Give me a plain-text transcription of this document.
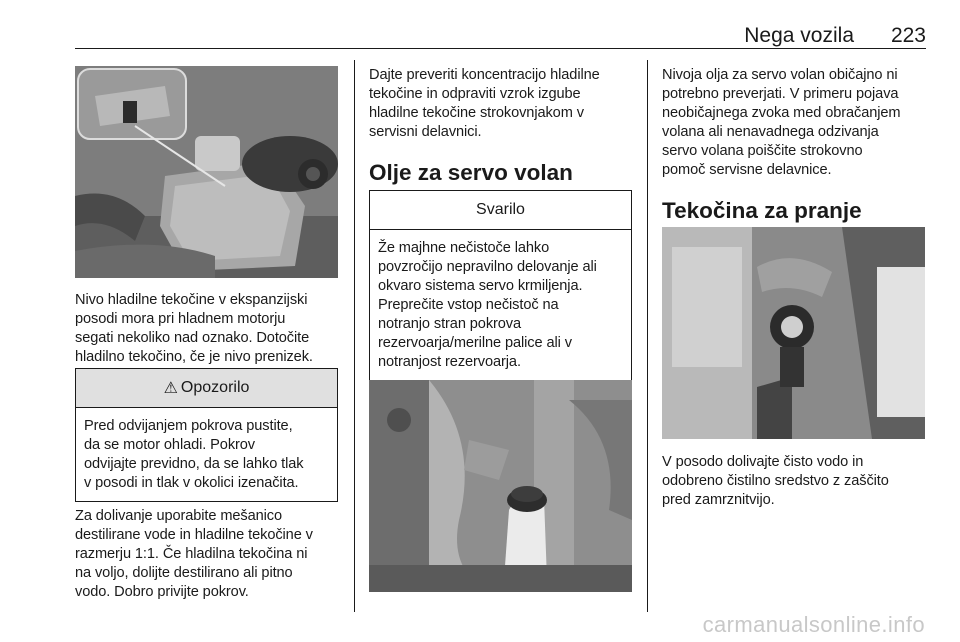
Nega vozila 223

Nivo hladilne tekočine v ekspanzijski
posodi mora pri hladnem motorju
segati nekoliko nad oznako. Dotočite
hladilno tekočino, če je nivo prenizek.

⚠ Opozorilo

Pred odvijanjem pokrova pustite,
da se motor ohladi. Pokrov
odvijajte previdno, da se lahko tlak
v posodi in tlak v okolici izenačita.

Za dolivanje uporabite mešanico
destilirane vode in hladilne tekočine v
razmerju 1:1. Če hladilna tekočina ni
na voljo, dolijte destilirano ali pitno
vodo. Dobro privijte pokrov.

Dajte preveriti koncentracijo hladilne
tekočine in odpraviti vzrok izgube
hladilne tekočine strokovnjakom v
servisni delavnici.

Olje za servo volan
Svarilo

Že majhne nečistoče lahko
povzročijo nepravilno delovanje ali
okvaro sistema servo krmiljenja.
Preprečite vstop nečistoč na
notranjo stran pokrova
rezervoarja/merilne palice ali v
notranjost rezervoarja.

Nivoja olja za servo volan običajno ni
potrebno preverjati. V primeru pojava
neobičajnega zvoka med obračanjem
volana ali nenavadnega odzivanja
servo volana poiščite strokovno
pomoč servisne delavnice.

Tekočina za pranje

V posodo dolivajte čisto vodo in
odobreno čistilno sredstvo z zaščito
pred zamrznitvijo.

carmanualsonline.info
